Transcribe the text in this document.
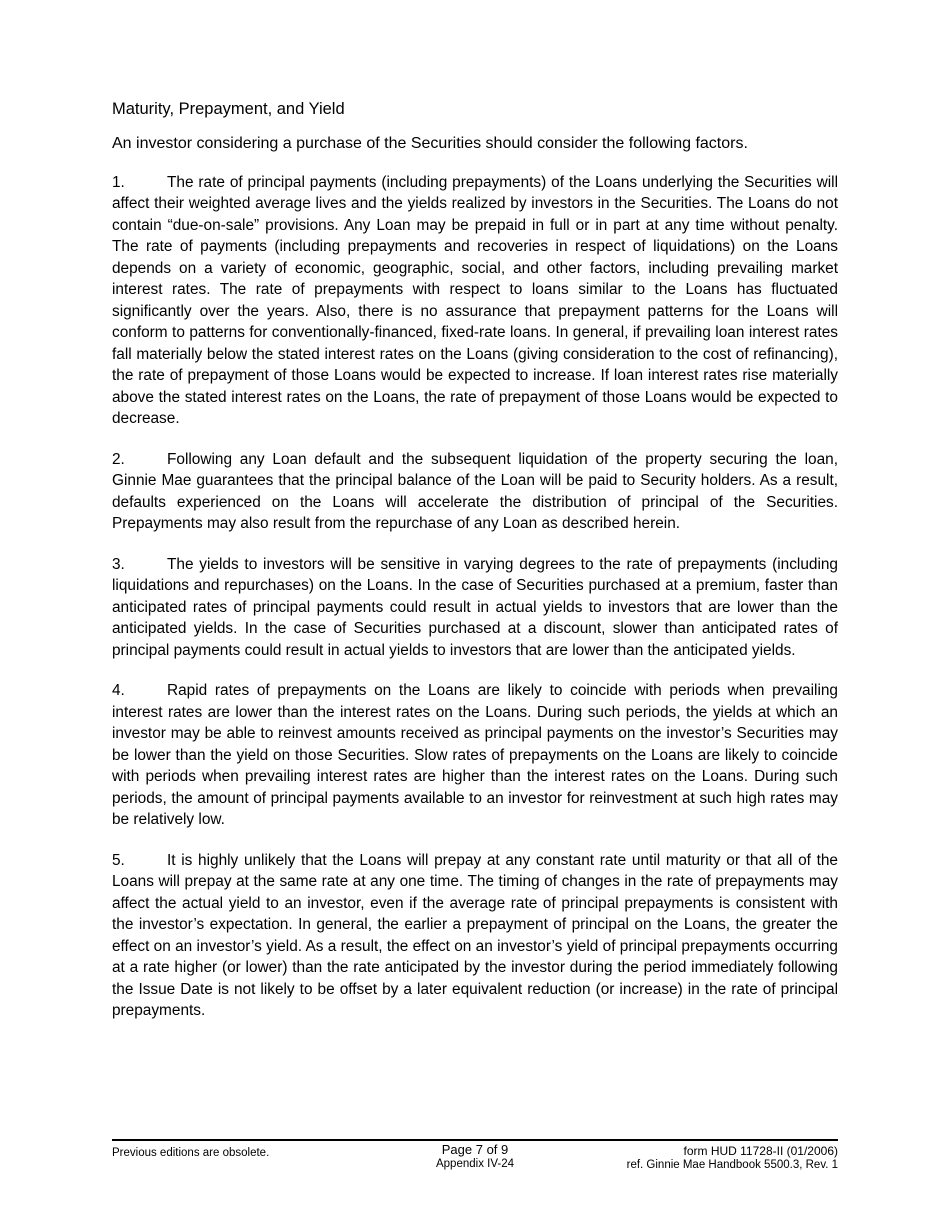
Maturity, Prepayment, and Yield

An investor considering a purchase of the Securities should consider the following factors.

1.	The rate of principal payments (including prepayments) of the Loans underlying the Securities will affect their weighted average lives and the yields realized by investors in the Securities. The Loans do not contain “due-on-sale” provisions. Any Loan may be prepaid in full or in part at any time without penalty. The rate of payments (including prepayments and recoveries in respect of liquidations) on the Loans depends on a variety of economic, geographic, social, and other factors, including prevailing market interest rates. The rate of prepayments with respect to loans similar to the Loans has fluctuated significantly over the years. Also, there is no assurance that prepayment patterns for the Loans will conform to patterns for conventionally-financed, fixed-rate loans. In general, if prevailing loan interest rates fall materially below the stated interest rates on the Loans (giving consideration to the cost of refinancing), the rate of prepayment of those Loans would be expected to increase. If loan interest rates rise materially above the stated interest rates on the Loans, the rate of prepayment of those Loans would be expected to decrease.

2.	Following any Loan default and the subsequent liquidation of the property securing the loan, Ginnie Mae guarantees that the principal balance of the Loan will be paid to Security holders. As a result, defaults experienced on the Loans will accelerate the distribution of principal of the Securities. Prepayments may also result from the repurchase of any Loan as described herein.

3.	The yields to investors will be sensitive in varying degrees to the rate of prepayments (including liquidations and repurchases) on the Loans. In the case of Securities purchased at a premium, faster than anticipated rates of principal payments could result in actual yields to investors that are lower than the anticipated yields. In the case of Securities purchased at a discount, slower than anticipated rates of principal payments could result in actual yields to investors that are lower than the anticipated yields.

4.	Rapid rates of prepayments on the Loans are likely to coincide with periods when prevailing interest rates are lower than the interest rates on the Loans. During such periods, the yields at which an investor may be able to reinvest amounts received as principal payments on the investor’s Securities may be lower than the yield on those Securities. Slow rates of prepayments on the Loans are likely to coincide with periods when prevailing interest rates are higher than the interest rates on the Loans. During such periods, the amount of principal payments available to an investor for reinvestment at such high rates may be relatively low.

5.	It is highly unlikely that the Loans will prepay at any constant rate until maturity or that all of the Loans will prepay at the same rate at any one time. The timing of changes in the rate of prepayments may affect the actual yield to an investor, even if the average rate of principal prepayments is consistent with the investor’s expectation. In general, the earlier a prepayment of principal on the Loans, the greater the effect on an investor’s yield. As a result, the effect on an investor’s yield of principal prepayments occurring at a rate higher (or lower) than the rate anticipated by the investor during the period immediately following the Issue Date is not likely to be offset by a later equivalent reduction (or increase) in the rate of principal prepayments.

Previous editions are obsolete.	Page 7 of 9
Appendix IV-24
form HUD 11728-II (01/2006)
ref. Ginnie Mae Handbook 5500.3, Rev. 1
